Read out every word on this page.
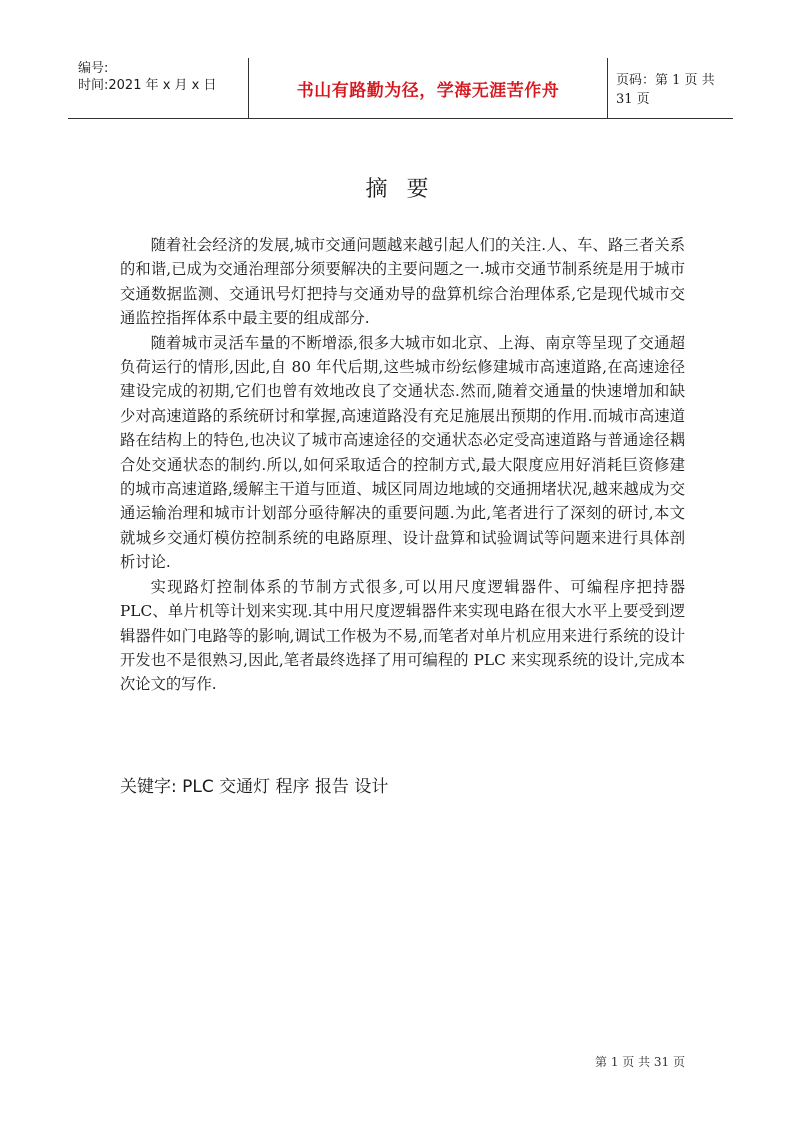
编号:
时间:2021 年 x 月 x 日	书山有路勤为径，学海无涯苦作舟	页码：第 1 页 共 31 页
摘 要

随着社会经济的发展,城市交通问题越来越引起人们的关注.人、车、路三者关系的和谐,已成为交通治理部分须要解决的主要问题之一.城市交通节制系统是用于城市交通数据监测、交通讯号灯把持与交通劝导的盘算机综合治理体系,它是现代城市交通监控指挥体系中最主要的组成部分.

随着城市灵活车量的不断增添,很多大城市如北京、上海、南京等呈现了交通超负荷运行的情形,因此,自 80 年代后期,这些城市纷纭修建城市高速道路,在高速途径建设完成的初期,它们也曾有效地改良了交通状态.然而,随着交通量的快速增加和缺少对高速道路的系统研讨和掌握,高速道路没有充足施展出预期的作用.而城市高速道路在结构上的特色,也决议了城市高速途径的交通状态必定受高速道路与普通途径耦合处交通状态的制约.所以,如何采取适合的控制方式,最大限度应用好消耗巨资修建的城市高速道路,缓解主干道与匝道、城区同周边地域的交通拥堵状况,越来越成为交通运输治理和城市计划部分亟待解决的重要问题.为此,笔者进行了深刻的研讨,本文就城乡交通灯模仿控制系统的电路原理、设计盘算和试验调试等问题来进行具体剖析讨论.

实现路灯控制体系的节制方式很多,可以用尺度逻辑器件、可编程序把持器PLC、单片机等计划来实现.其中用尺度逻辑器件来实现电路在很大水平上要受到逻辑器件如门电路等的影响,调试工作极为不易,而笔者对单片机应用来进行系统的设计开发也不是很熟习,因此,笔者最终选择了用可编程的 PLC 来实现系统的设计,完成本次论文的写作.

关键字: PLC 交通灯 程序 报告 设计
第 1 页 共 31 页
